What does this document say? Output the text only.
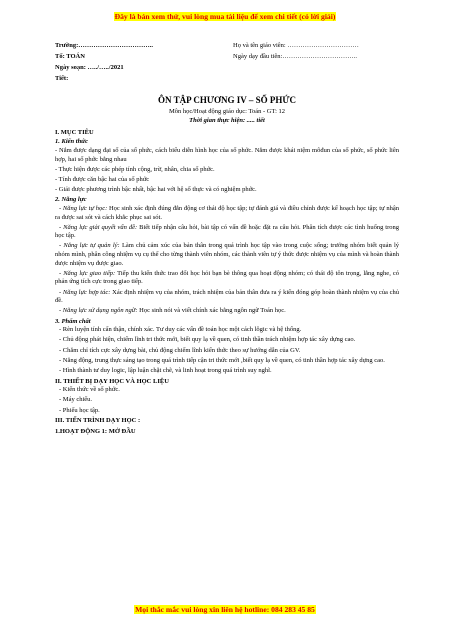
Đây là bản xem thử, vui lòng mua tài liệu để xem chi tiết (có lời giải)
Trường:……………………………..	Họ và tên giáo viên: ……………………………
Tổ: TOÁN	Ngày dạy đầu tiên:……………………………..
Ngày soạn: …../…../2021
Tiết:
ÔN TẬP CHƯƠNG IV – SỐ PHỨC
Môn học/Hoạt động giáo dục: Toán - GT: 12
Thời gian thực hiện: ..... tiết
I. MỤC TIÊU
1. Kiến thức
- Nắm được dạng đại số của số phức, cách biểu diễn hình học của số phức. Nắm được khái niệm môđun của số phức, số phức liên hợp, hai số phức bằng nhau
- Thực hiện được các phép tính cộng, trừ, nhân, chia số phức.
- Tính được căn bậc hai của số phức
- Giải được phương trình bậc nhất, bậc hai với hệ số thực và có nghiệm phức.
2. Năng lực
- Năng lực tự học: Học sinh xác định đúng đắn động cơ thái độ học tập; tự đánh giá và điều chỉnh được kế hoạch học tập; tự nhận ra được sai sót và cách khắc phục sai sót.
- Năng lực giải quyết vấn đề: Biết tiếp nhận câu hỏi, bài tập có vấn đề hoặc đặt ra câu hỏi. Phân tích được các tình huống trong học tập.
- Năng lực tự quản lý: Làm chủ cảm xúc của bản thân trong quá trình học tập vào trong cuộc sống; trưởng nhóm biết quản lý nhóm mình, phân công nhiệm vụ cụ thể cho từng thành viên nhóm, các thành viên tự ý thức được nhiệm vụ của mình và hoàn thành được nhiệm vụ được giao.
- Năng lực giao tiếp: Tiếp thu kiến thức trao đổi học hỏi bạn bè thông qua hoạt động nhóm; có thái độ tôn trọng, lắng nghe, có phản ứng tích cực trong giao tiếp.
- Năng lực hợp tác: Xác định nhiệm vụ của nhóm, trách nhiệm của bản thân đưa ra ý kiến đóng góp hoàn thành nhiệm vụ của chủ đề.
- Năng lực sử dụng ngôn ngữ: Học sinh nói và viết chính xác bằng ngôn ngữ Toán học.
3. Phẩm chất
- Rèn luyện tính cẩn thận, chính xác. Tư duy các vấn đề toán học một cách lôgic và hệ thống.
- Chủ động phát hiện, chiếm lĩnh tri thức mới, biết quy lạ về quen, có tinh thần trách nhiệm hợp tác xây dựng cao.
- Chăm chỉ tích cực xây dựng bài, chủ động chiếm lĩnh kiến thức theo sự hướng dẫn của GV.
- Năng động, trung thực sáng tạo trong quá trình tiếp cận tri thức mới ,biết quy lạ về quen, có tinh thần hợp tác xây dựng cao.
- Hình thành tư duy logic, lập luận chặt chẽ, và linh hoạt trong quá trình suy nghĩ.
II. THIẾT BỊ DẠY HỌC VÀ HỌC LIỆU
- Kiến thức về số phức.
- Máy chiếu.
- Phiếu học tập.
III. TIẾN TRÌNH DẠY HỌC :
1.HOẠT ĐỘNG 1: MỞ ĐẦU
Mọi thắc mắc vui lòng xin liên hệ hotline: 084 283 45 85
